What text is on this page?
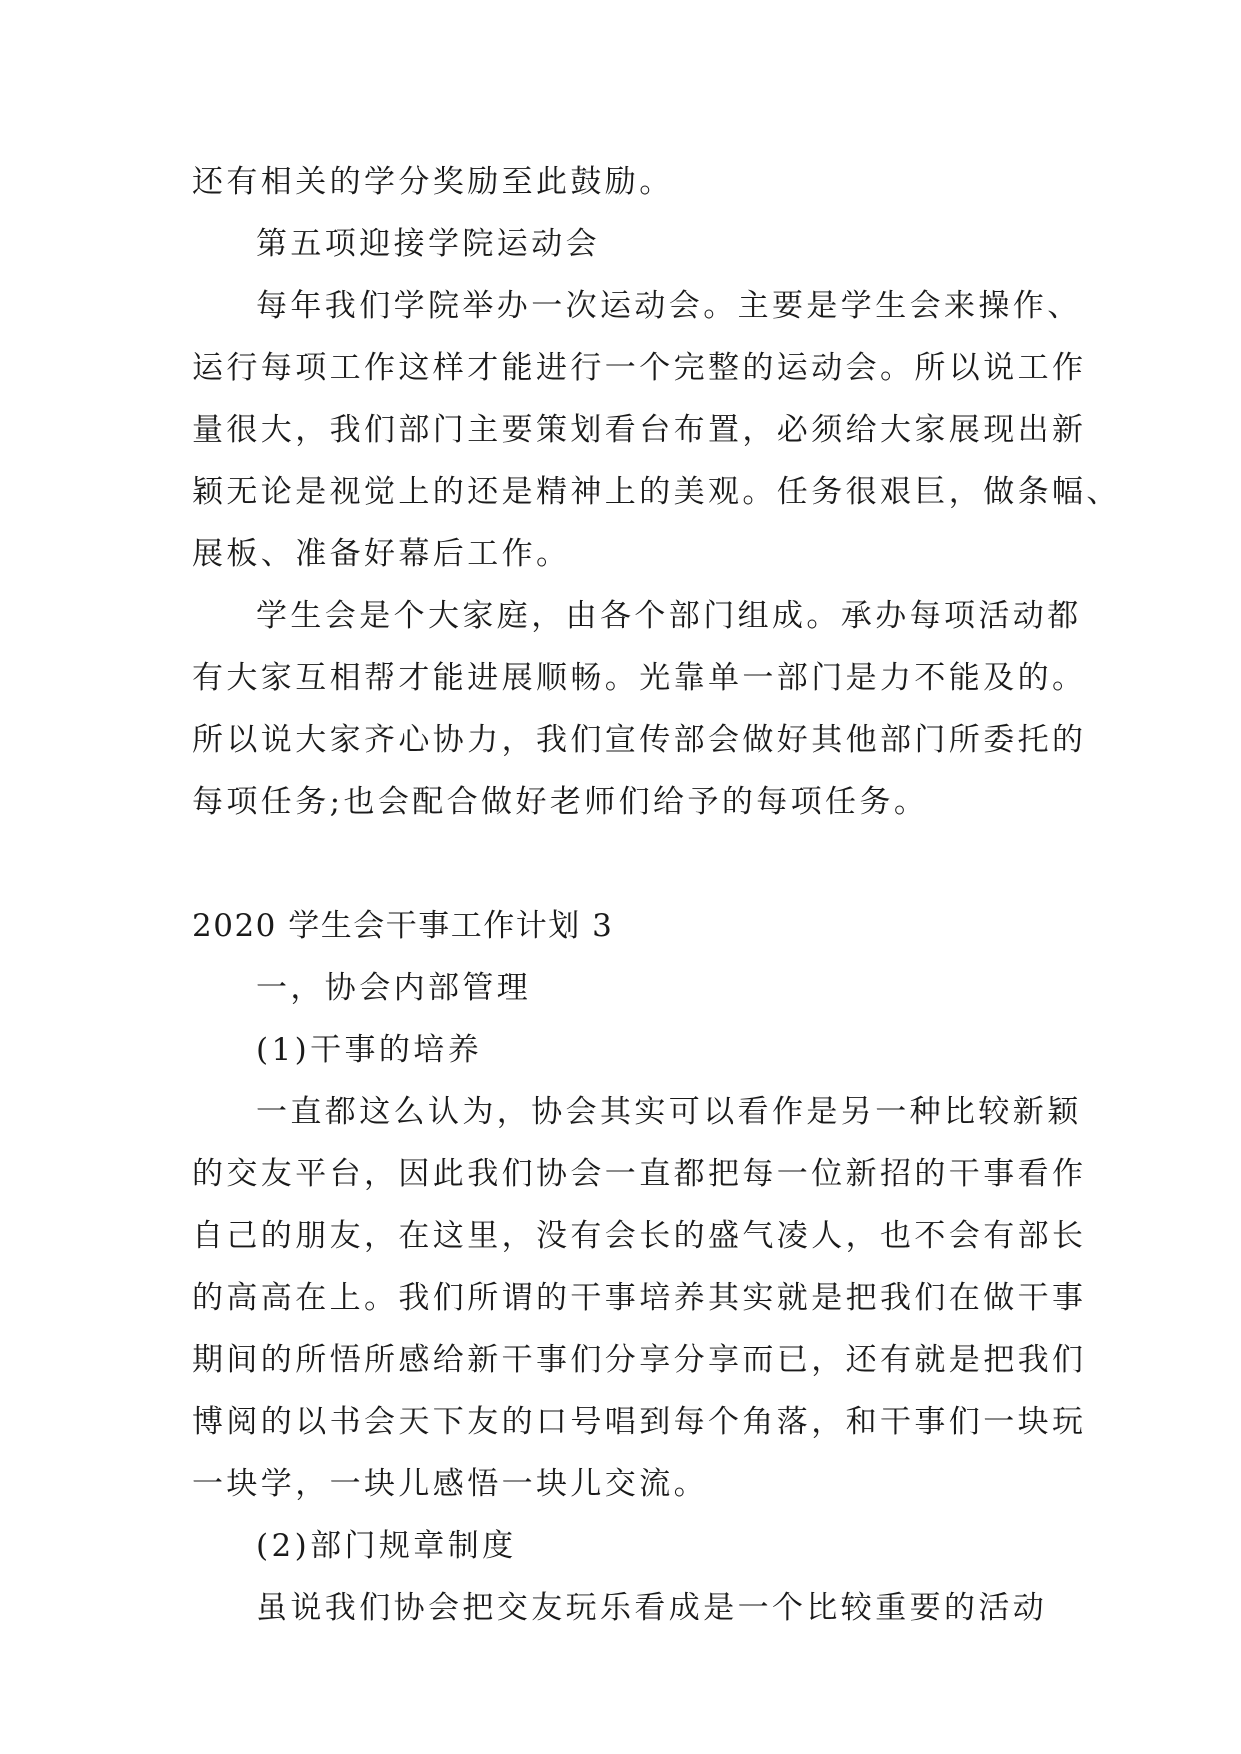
还有相关的学分奖励至此鼓励。
第五项迎接学院运动会
每年我们学院举办一次运动会。主要是学生会来操作、
运行每项工作这样才能进行一个完整的运动会。所以说工作
量很大，我们部门主要策划看台布置，必须给大家展现出新
颖无论是视觉上的还是精神上的美观。任务很艰巨，做条幅、
展板、准备好幕后工作。
学生会是个大家庭，由各个部门组成。承办每项活动都
有大家互相帮才能进展顺畅。光靠单一部门是力不能及的。
所以说大家齐心协力，我们宣传部会做好其他部门所委托的
每项任务;也会配合做好老师们给予的每项任务。
2020 学生会干事工作计划 3
一，协会内部管理
(1)干事的培养
一直都这么认为，协会其实可以看作是另一种比较新颖
的交友平台，因此我们协会一直都把每一位新招的干事看作
自己的朋友，在这里，没有会长的盛气凌人，也不会有部长
的高高在上。我们所谓的干事培养其实就是把我们在做干事
期间的所悟所感给新干事们分享分享而已，还有就是把我们
博阅的以书会天下友的口号唱到每个角落，和干事们一块玩
一块学，一块儿感悟一块儿交流。
(2)部门规章制度
虽说我们协会把交友玩乐看成是一个比较重要的活动
